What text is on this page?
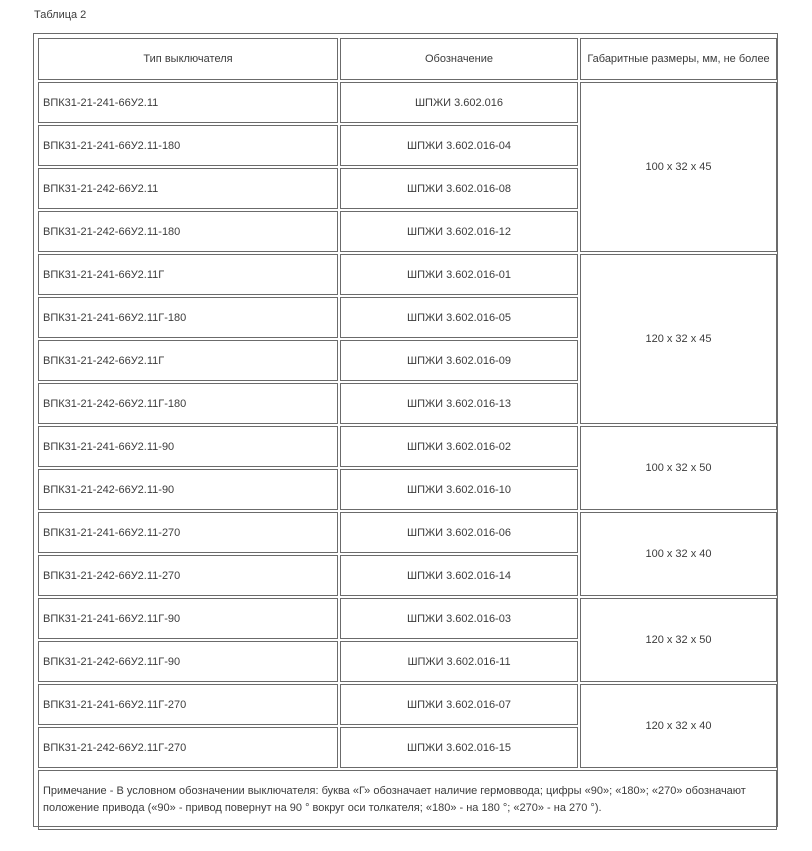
Таблица 2
Тип выключателя	Обозначение	Габаритные размеры, мм, не более
ВПК31-21-241-66У2.11	ШПЖИ 3.602.016	100 х 32 х 45
ВПК31-21-241-66У2.11-180	ШПЖИ 3.602.016-04	
ВПК31-21-242-66У2.11	ШПЖИ 3.602.016-08	
ВПК31-21-242-66У2.11-180	ШПЖИ 3.602.016-12	
ВПК31-21-241-66У2.11Г	ШПЖИ 3.602.016-01	120 х 32 х 45
ВПК31-21-241-66У2.11Г-180	ШПЖИ 3.602.016-05	
ВПК31-21-242-66У2.11Г	ШПЖИ 3.602.016-09	
ВПК31-21-242-66У2.11Г-180	ШПЖИ 3.602.016-13	
ВПК31-21-241-66У2.11-90	ШПЖИ 3.602.016-02	100 х 32 х 50
ВПК31-21-242-66У2.11-90	ШПЖИ 3.602.016-10	
ВПК31-21-241-66У2.11-270	ШПЖИ 3.602.016-06	100 х 32 х 40
ВПК31-21-242-66У2.11-270	ШПЖИ 3.602.016-14	
ВПК31-21-241-66У2.11Г-90	ШПЖИ 3.602.016-03	120 х 32 х 50
ВПК31-21-242-66У2.11Г-90	ШПЖИ 3.602.016-11	
ВПК31-21-241-66У2.11Г-270	ШПЖИ 3.602.016-07	120 х 32 х 40
ВПК31-21-242-66У2.11Г-270	ШПЖИ 3.602.016-15	
Примечание - В условном обозначении выключателя: буква «Г» обозначает наличие гермоввода; цифры «90»; «180»; «270» обозначают положение привода («90» - привод повернут на 90 ° вокруг оси толкателя; «180» - на 180 °; «270» - на 270 °).		
